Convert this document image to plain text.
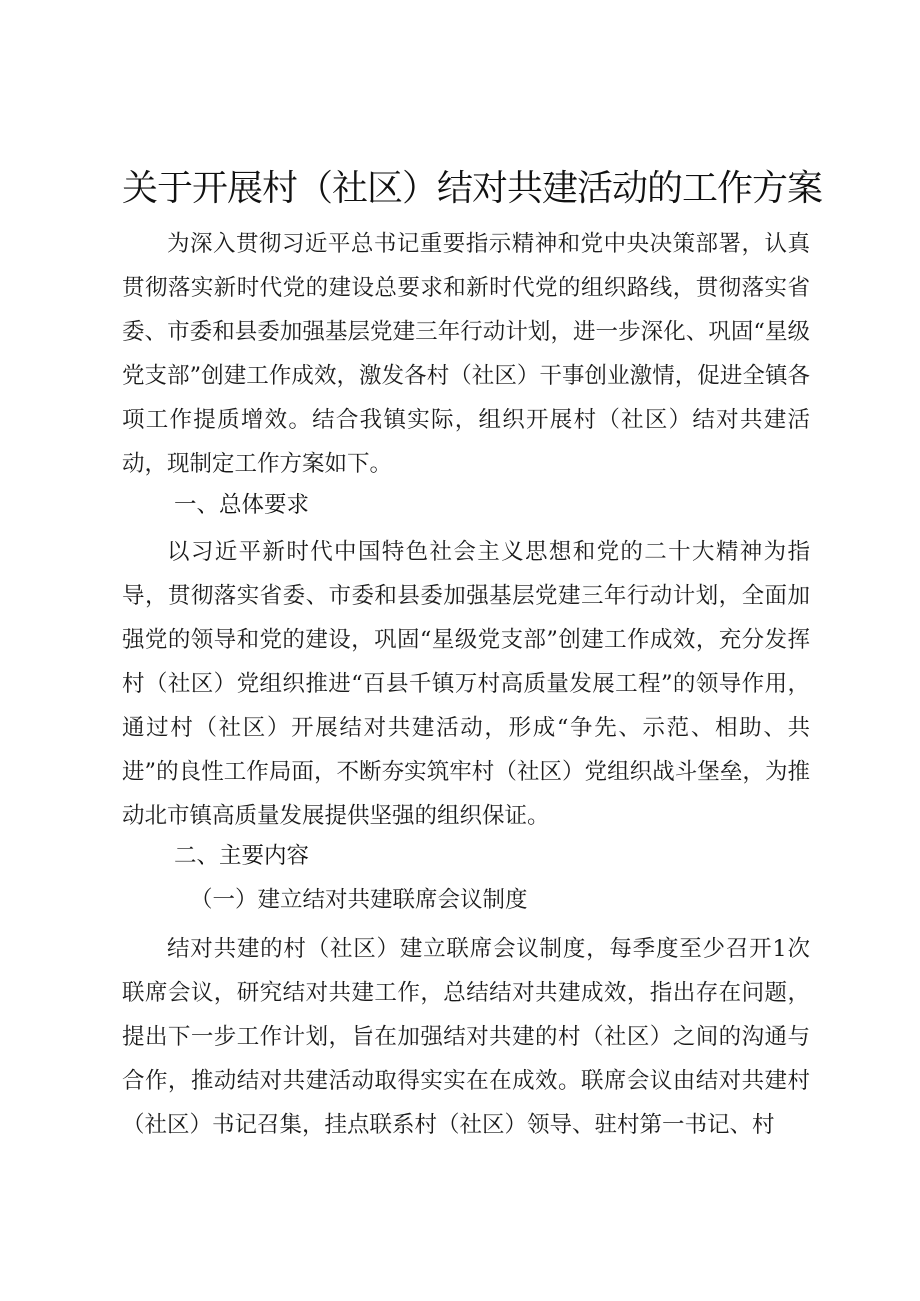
关于开展村（社区）结对共建活动的工作方案
为深入贯彻习近平总书记重要指示精神和党中央决策部署，认真贯彻落实新时代党的建设总要求和新时代党的组织路线，贯彻落实省委、市委和县委加强基层党建三年行动计划，进一步深化、巩固“星级党支部”创建工作成效，激发各村（社区）干事创业激情，促进全镇各项工作提质增效。结合我镇实际，组织开展村（社区）结对共建活动，现制定工作方案如下。
一、总体要求
以习近平新时代中国特色社会主义思想和党的二十大精神为指导，贯彻落实省委、市委和县委加强基层党建三年行动计划，全面加强党的领导和党的建设，巩固“星级党支部”创建工作成效，充分发挥村（社区）党组织推进“百县千镇万村高质量发展工程”的领导作用，通过村（社区）开展结对共建活动，形成“争先、示范、相助、共进”的良性工作局面，不断夯实筑牢村（社区）党组织战斗堡垒，为推动北市镇高质量发展提供坚强的组织保证。
二、主要内容
（一）建立结对共建联席会议制度
结对共建的村（社区）建立联席会议制度，每季度至少召开1次联席会议，研究结对共建工作，总结结对共建成效，指出存在问题，提出下一步工作计划，旨在加强结对共建的村（社区）之间的沟通与合作，推动结对共建活动取得实实在在成效。联席会议由结对共建村（社区）书记召集，挂点联系村（社区）领导、驻村第一书记、村
